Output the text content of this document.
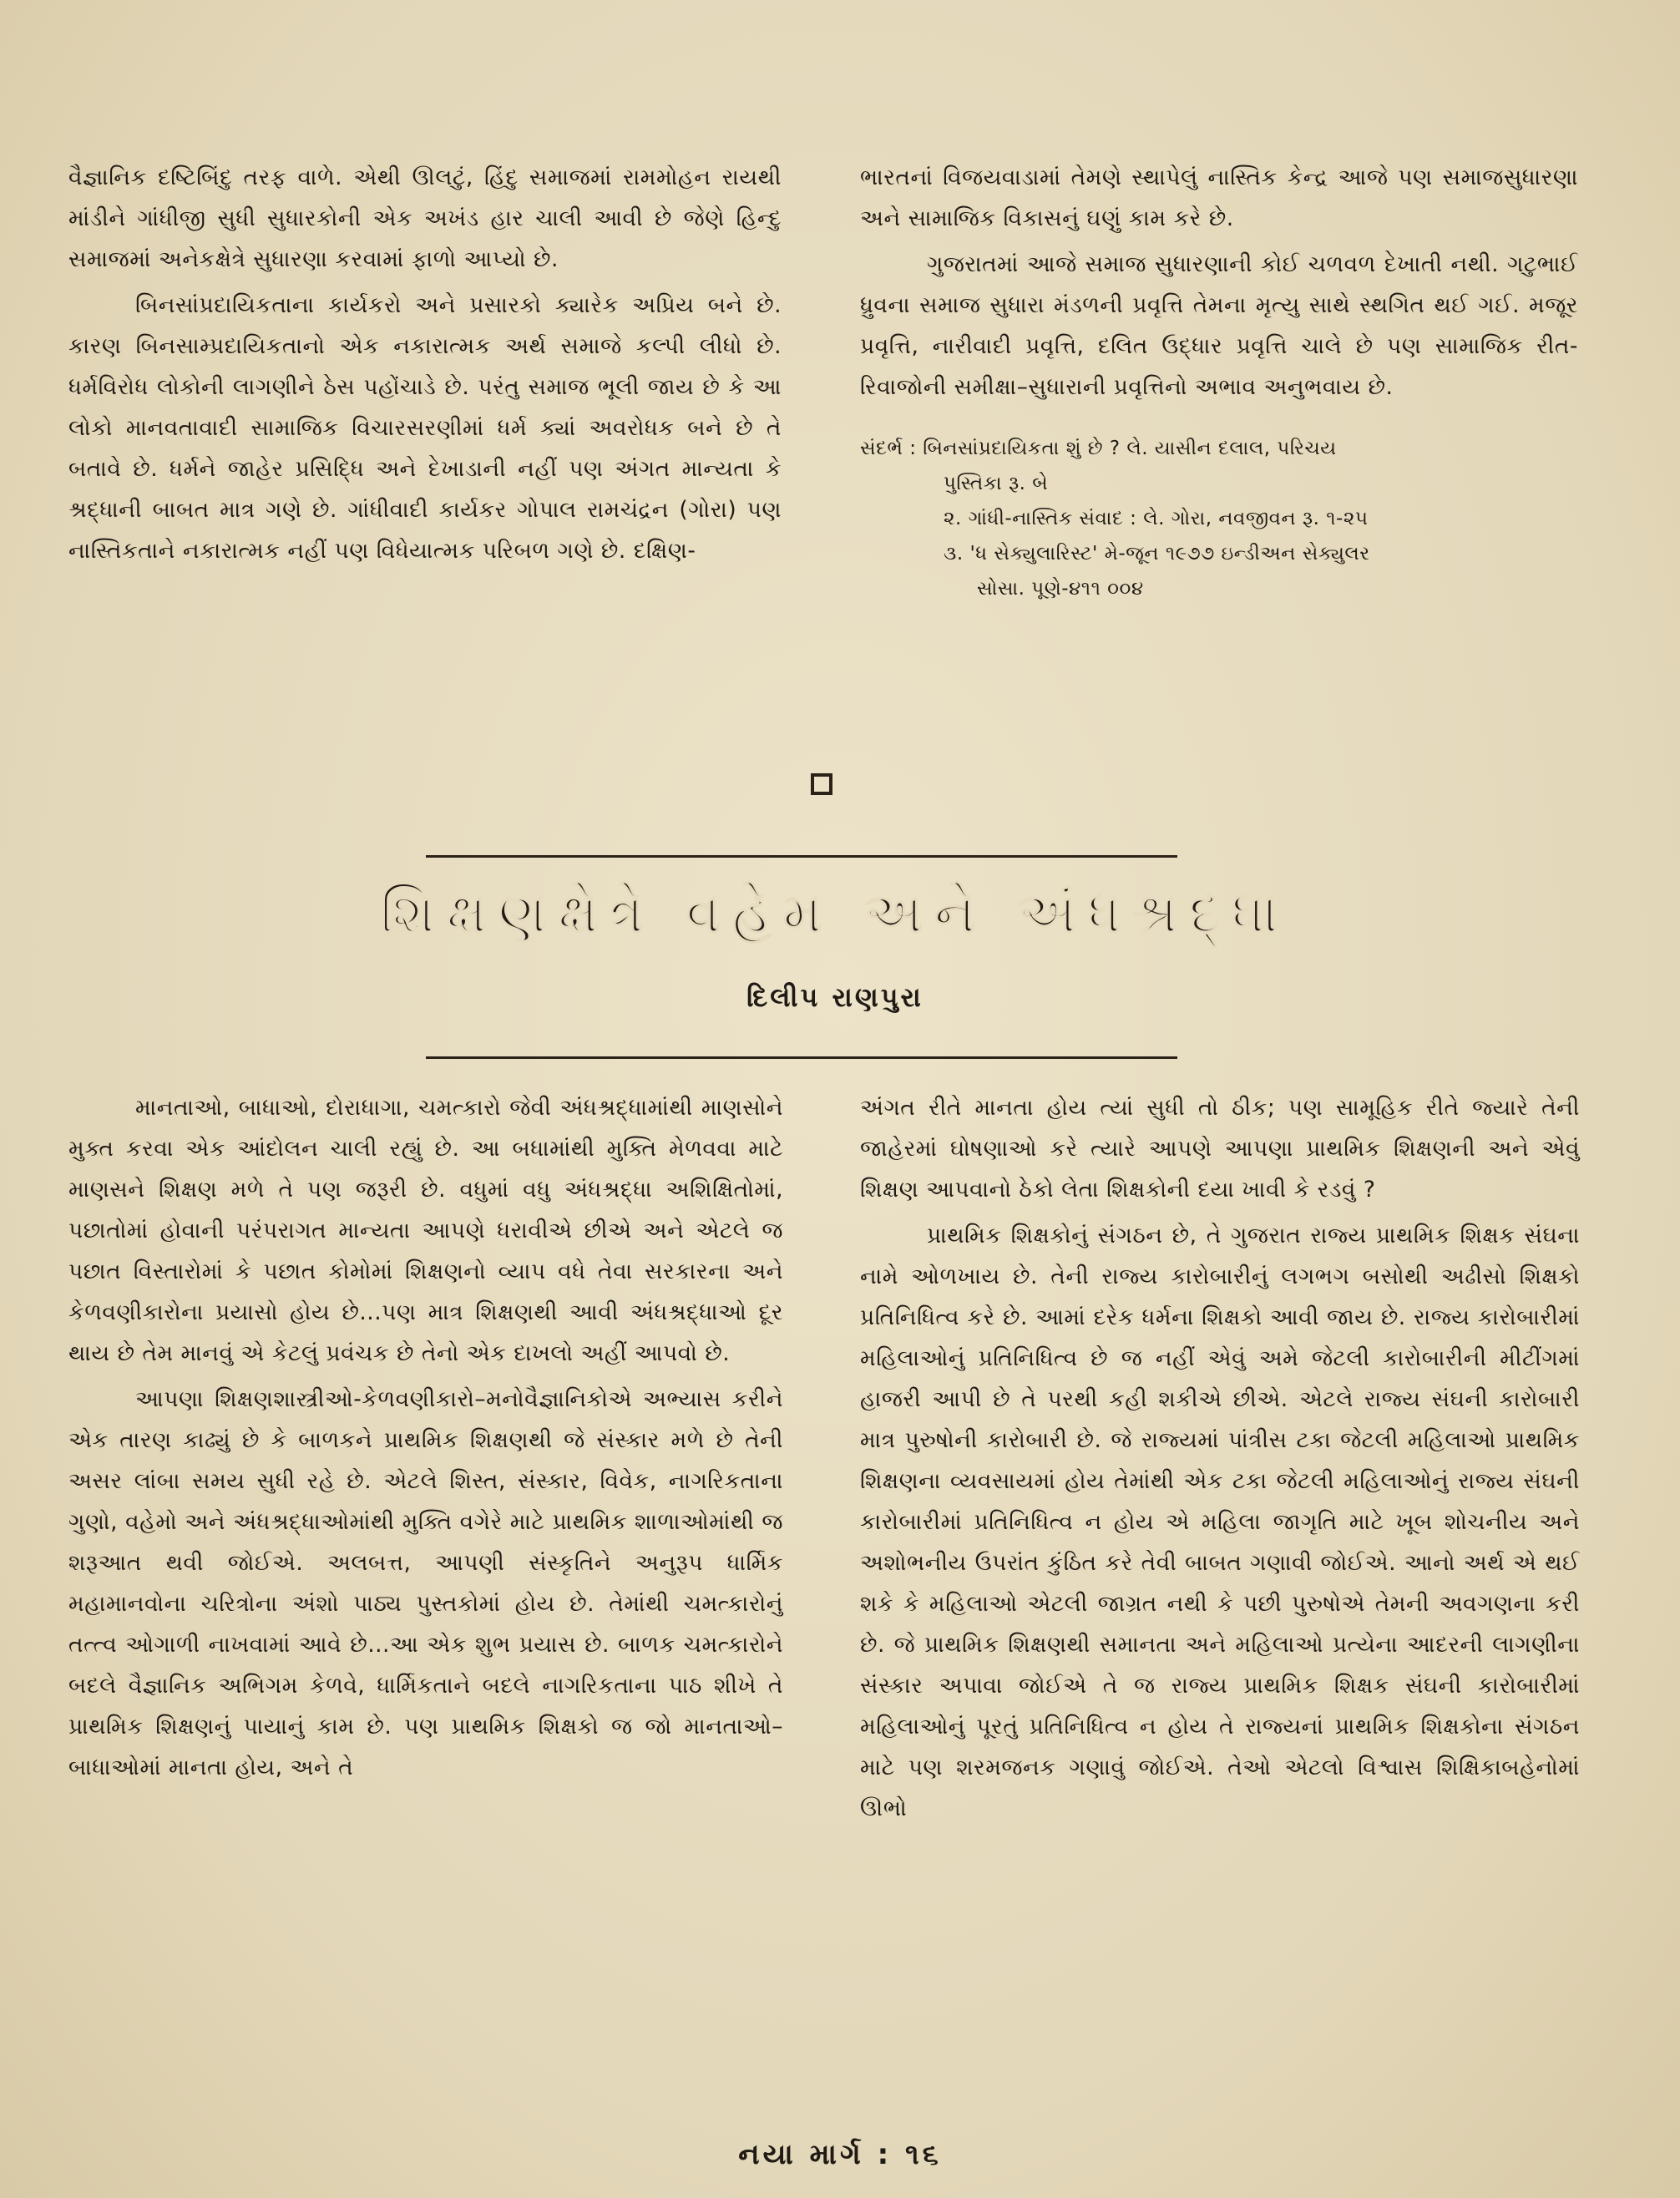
વૈજ્ઞાનિક દષ્ટિબિંદુ તરફ વાળે. એથી ઊલટું, હિંદુ સમાજમાં રામમોહન રાયથી માંડીને ગાંધીજી સુધી સુધારકોની એક અખંડ હાર ચાલી આવી છે જેણે હિન્દુ સમાજમાં અનેકક્ષેત્રે સુધારણા કરવામાં ફાળો આપ્યો છે.

બિનસાંપ્રદાયિકતાના કાર્યકરો અને પ્રસારકો ક્યારેક અપ્રિય બને છે. કારણ બિનસામ્પ્રદાયિકતાનો એક નકારાત્મક અર્થ સમાજે કલ્પી લીધો છે. ધર્મવિરોધ લોકોની લાગણીને ઠેસ પહોંચાડે છે. પરંતુ સમાજ ભૂલી જાય છે કે આ લોકો માનવતાવાદી સામાજિક વિચારસરણીમાં ધર્મ ક્યાં અવરોધક બને છે તે બતાવે છે. ધર્મને જાહેર પ્રસિદ્ધિ અને દેખાડાની નહીં પણ અંગત માન્યતા કે શ્રદ્ધાની બાબત માત્ર ગણે છે. ગાંધીવાદી કાર્યકર ગોપાલ રામચંદ્રન (ગોરા) પણ નાસ્તિકતાને નકારાત્મક નહીં પણ વિધેયાત્મક પરિબળ ગણે છે. દક્ષિણ-

ભારતનાં વિજયવાડામાં તેમણે સ્થાપેલું નાસ્તિક કેન્દ્ર આજે પણ સમાજસુધારણા અને સામાજિક વિકાસનું ઘણું કામ કરે છે.

ગુજરાતમાં આજે સમાજ સુધારણાની કોઈ ચળવળ દેખાતી નથી. ગટુભાઈ ધ્રુવના સમાજ સુધારા મંડળની પ્રવૃત્તિ તેમના મૃત્યુ સાથે સ્થગિત થઈ ગઈ. મજૂર પ્રવૃત્તિ, નારીવાદી પ્રવૃત્તિ, દલિત ઉદ્ધાર પ્રવૃત્તિ ચાલે છે પણ સામાજિક રીત-રિવાજોની સમીક્ષા–સુધારાની પ્રવૃત્તિનો અભાવ અનુભવાય છે.

સંદર્ભ : બિનસાંપ્રદાયિકતા શું છે ? લે. યાસીન દલાલ, પરિચય
પુસ્તિકા રૂ. બે
૨. ગાંધી-નાસ્તિક સંવાદ : લે. ગોરા, નવજીવન રૂ. ૧-૨૫
૩. 'ધ સેક્યુલારિસ્ટ' મે-જૂન ૧૯૭૭ ઇન્ડીઅન સેક્યુલર
સોસા. પૂણે-૪૧૧ ૦૦૪
શિક્ષણક્ષેત્રે વહેમ અને અંધશ્રદ્ધા
દિલીપ રાણપુરા

માનતાઓ, બાધાઓ, દોરાધાગા, ચમત્કારો જેવી અંધશ્રદ્ધામાંથી માણસોને મુક્ત કરવા એક આંદોલન ચાલી રહ્યું છે. આ બધામાંથી મુક્તિ મેળવવા માટે માણસને શિક્ષણ મળે તે પણ જરૂરી છે. વધુમાં વધુ અંધશ્રદ્ધા અશિક્ષિતોમાં, પછાતોમાં હોવાની પરંપરાગત માન્યતા આપણે ધરાવીએ છીએ અને એટલે જ પછાત વિસ્તારોમાં કે પછાત કોમોમાં શિક્ષણનો વ્યાપ વધે તેવા સરકારના અને કેળવણીકારોના પ્રયાસો હોય છે...પણ માત્ર શિક્ષણથી આવી અંધશ્રદ્ધાઓ દૂર થાય છે તેમ માનવું એ કેટલું પ્રવંચક છે તેનો એક દાખલો અહીં આપવો છે.

આપણા શિક્ષણશાસ્ત્રીઓ-કેળવણીકારો–મનોવૈજ્ઞાનિકોએ અભ્યાસ કરીને એક તારણ કાઢ્યું છે કે બાળકને પ્રાથમિક શિક્ષણથી જે સંસ્કાર મળે છે તેની અસર લાંબા સમય સુધી રહે છે. એટલે શિસ્ત, સંસ્કાર, વિવેક, નાગરિકતાના ગુણો, વહેમો અને અંધશ્રદ્ધાઓમાંથી મુક્તિ વગેરે માટે પ્રાથમિક શાળાઓમાંથી જ શરૂઆત થવી જોઈએ. અલબત્ત, આપણી સંસ્કૃતિને અનુરૂપ ધાર્મિક મહામાનવોના ચરિત્રોના અંશો પાઠ્ય પુસ્તકોમાં હોય છે. તેમાંથી ચમત્કારોનું તત્ત્વ ઓગાળી નાખવામાં આવે છે...આ એક શુભ પ્રયાસ છે. બાળક ચમત્કારોને બદલે વૈજ્ઞાનિક અભિગમ કેળવે, ધાર્મિકતાને બદલે નાગરિકતાના પાઠ શીખે તે પ્રાથમિક શિક્ષણનું પાયાનું કામ છે. પણ પ્રાથમિક શિક્ષકો જ જો માનતાઓ–બાધાઓમાં માનતા હોય, અને તે

અંગત રીતે માનતા હોય ત્યાં સુધી તો ઠીક; પણ સામૂહિક રીતે જ્યારે તેની જાહેરમાં ઘોષણાઓ કરે ત્યારે આપણે આપણા પ્રાથમિક શિક્ષણની અને એવું શિક્ષણ આપવાનો ઠેકો લેતા શિક્ષકોની દયા ખાવી કે રડવું ?

પ્રાથમિક શિક્ષકોનું સંગઠન છે, તે ગુજરાત રાજ્ય પ્રાથમિક શિક્ષક સંઘના નામે ઓળખાય છે. તેની રાજ્ય કારોબારીનું લગભગ બસોથી અઢીસો શિક્ષકો પ્રતિનિધિત્વ કરે છે. આમાં દરેક ધર્મના શિક્ષકો આવી જાય છે. રાજ્ય કારોબારીમાં મહિલાઓનું પ્રતિનિધિત્વ છે જ નહીં એવું અમે જેટલી કારોબારીની મીટીંગમાં હાજરી આપી છે તે પરથી કહી શકીએ છીએ. એટલે રાજ્ય સંઘની કારોબારી માત્ર પુરુષોની કારોબારી છે. જે રાજ્યમાં પાંત્રીસ ટકા જેટલી મહિલાઓ પ્રાથમિક શિક્ષણના વ્યવસાયમાં હોય તેમાંથી એક ટકા જેટલી મહિલાઓનું રાજ્ય સંઘની કારોબારીમાં પ્રતિનિધિત્વ ન હોય એ મહિલા જાગૃતિ માટે ખૂબ શોચનીય અને અશોભનીય ઉપરાંત કુંઠિત કરે તેવી બાબત ગણાવી જોઈએ. આનો અર્થ એ થઈ શકે કે મહિલાઓ એટલી જાગ્રત નથી કે પછી પુરુષોએ તેમની અવગણના કરી છે. જે પ્રાથમિક શિક્ષણથી સમાનતા અને મહિલાઓ પ્રત્યેના આદરની લાગણીના સંસ્કાર અપાવા જોઈએ તે જ રાજ્ય પ્રાથમિક શિક્ષક સંઘની કારોબારીમાં મહિલાઓનું પૂરતું પ્રતિનિધિત્વ ન હોય તે રાજ્યનાં પ્રાથમિક શિક્ષકોના સંગઠન માટે પણ શરમજનક ગણાવું જોઈએ. તેઓ એટલો વિશ્વાસ શિક્ષિકાબહેનોમાં ઊભો

નયા માર્ગ : ૧૬
